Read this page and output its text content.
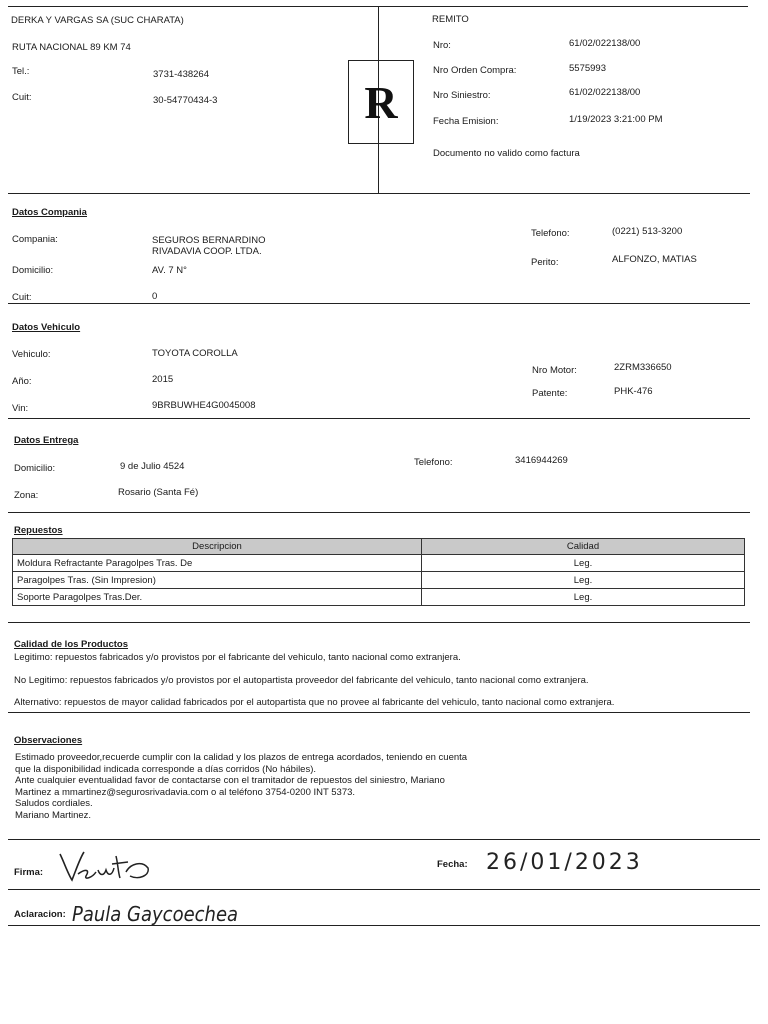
DERKA Y VARGAS SA (SUC CHARATA)
RUTA NACIONAL 89 KM 74
Tel.:	3731-438264
Cuit:	30-54770434-3	R
REMITO
Nro:	61/02/022138/00
Nro Orden Compra:	5575993
Nro Siniestro:	61/02/022138/00
Fecha Emision:	1/19/2023 3:21:00 PM
Documento no valido como factura
Datos Compania
Compania:	SEGUROS BERNARDINO
RIVADAVIA COOP. LTDA.
Domicilio:	AV. 7 N°
Cuit:	0
Telefono:	(0221) 513-3200
Perito:	ALFONZO, MATIAS
Datos Vehiculo
Vehiculo:	TOYOTA COROLLA
Año:	2015
Vin:	9BRBUWHE4G0045008
Nro Motor:	2ZRM336650
Patente:	PHK-476
Datos Entrega
Domicilio:	9 de Julio 4524
Zona:	Rosario (Santa Fé)
Telefono:	3416944269
Repuestos
Descripcion	Calidad
Moldura Refractante Paragolpes Tras. De	Leg.
Paragolpes Tras. (Sin Impresion)	Leg.
Soporte Paragolpes Tras.Der.	Leg.
Calidad de los Productos
Legitimo: repuestos fabricados y/o provistos por el fabricante del vehiculo, tanto nacional como extranjera.
No Legitimo: repuestos fabricados y/o provistos por el autopartista proveedor del fabricante del vehiculo, tanto nacional como extranjera.
Alternativo: repuestos de mayor calidad fabricados por el autopartista que no provee al fabricante del vehiculo, tanto nacional como extranjera.
Observaciones
Estimado proveedor,recuerde cumplir con la calidad y los plazos de entrega acordados, teniendo en cuenta
que la disponibilidad indicada corresponde a días corridos (No hábiles).
Ante cualquier eventualidad favor de contactarse con el tramitador de repuestos del siniestro, Mariano
Martinez a mmartinez@segurosrivadavia.com o al teléfono 3754-0200 INT 5373.
Saludos cordiales.
Mariano Martinez.
Firma:
Fecha: 26/01/2023
Aclaracion: Paula Gaycoechea
